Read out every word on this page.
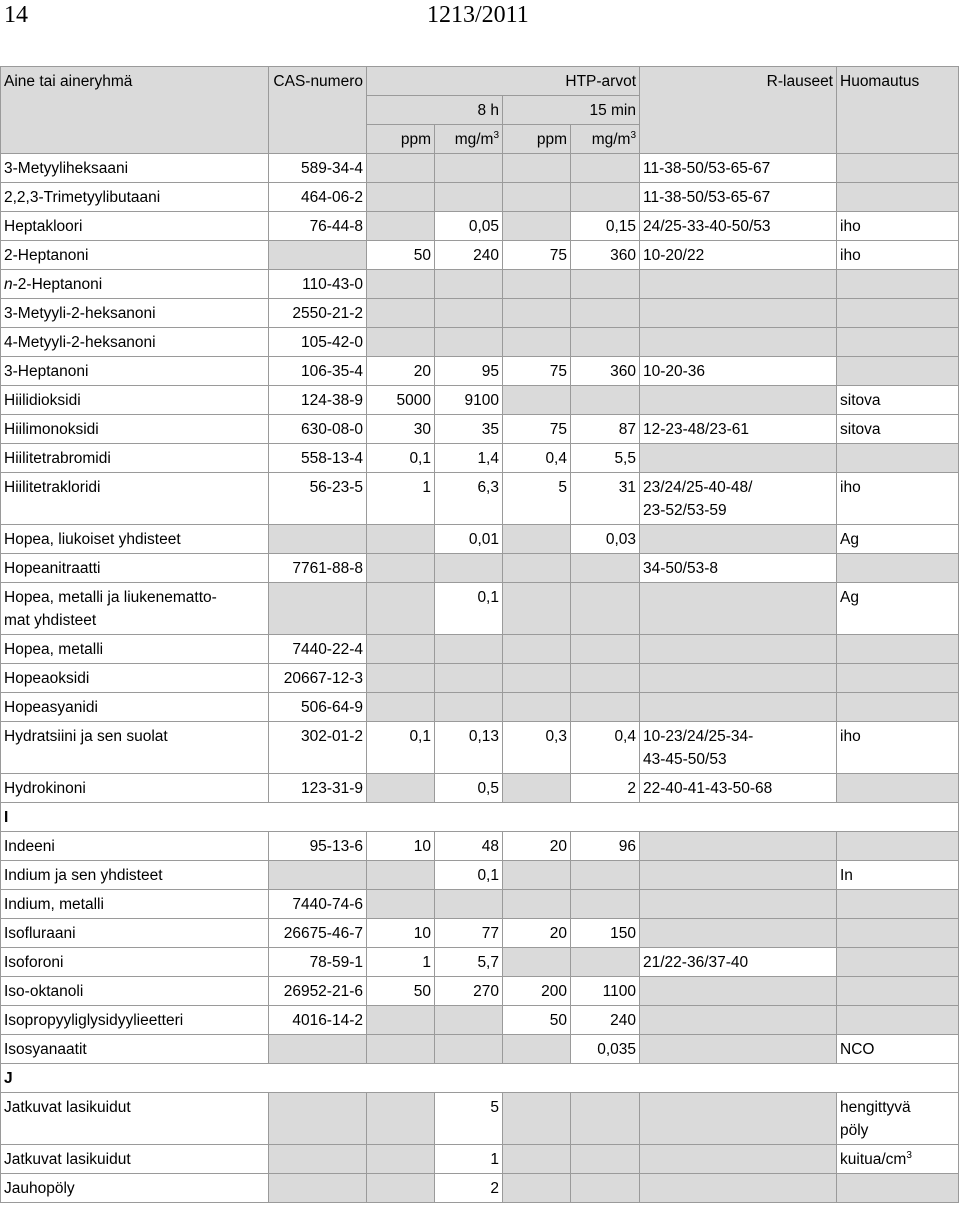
14	1213/2011
Aine tai aineryhmä	CAS-numero	HTP-arvot				R-lauseet	Huomautus
		8 h		15 min			
		ppm	$mg/m^3$	ppm	$mg/m^3$
3-Metyyliheksaani	589-34-4					11-38-50/53-65-67	
2,2,3-Trimetyylibutaani	464-06-2					11-38-50/53-65-67	
Heptakloori	76-44-8		0,05		0,15	24/25-33-40-50/53	iho
2-Heptanoni		50	240	75	360	10-20/22	iho
n-2-Heptanoni	110-43-0						
3-Metyyli-2-heksanoni	2550-21-2						
4-Metyyli-2-heksanoni	105-42-0						
3-Heptanoni	106-35-4	20	95	75	360	10-20-36	
Hiilidioksidi	124-38-9	5000	9100				sitova
Hiilimonoksidi	630-08-0	30	35	75	87	12-23-48/23-61	sitova
Hiilitetrabromidi	558-13-4	0,1	1,4	0,4	5,5		
Hiilitetrakloridi	56-23-5	1	6,3	5	31	23/24/25-40-48/
23-52/53-59	iho
Hopea, liukoiset yhdisteet			0,01		0,03		Ag
Hopeanitraatti	7761-88-8					34-50/53-8	
Hopea, metalli ja liukenematto-
mat yhdisteet			0,1				Ag
Hopea, metalli	7440-22-4						
Hopeaoksidi	20667-12-3						
Hopeasyanidi	506-64-9						
Hydratsiini ja sen suolat	302-01-2	0,1	0,13	0,3	0,4	10-23/24/25-34-
43-45-50/53	iho
Hydrokinoni	123-31-9		0,5		2	22-40-41-43-50-68	
I							
Indeeni	95-13-6	10	48	20	96		
Indium ja sen yhdisteet			0,1				In
Indium, metalli	7440-74-6						
Isofluraani	26675-46-7	10	77	20	150		
Isoforoni	78-59-1	1	5,7			21/22-36/37-40	
Iso-oktanoli	26952-21-6	50	270	200	1100		
Isopropyyliglysidyylieetteri	4016-14-2			50	240		
Isosyanaatit					0,035		NCO
J							
Jatkuvat lasikuidut			5				hengittyvä
pöly
Jatkuvat lasikuidut			1				kuitua/$cm^3$
Jauhopöly			2				
